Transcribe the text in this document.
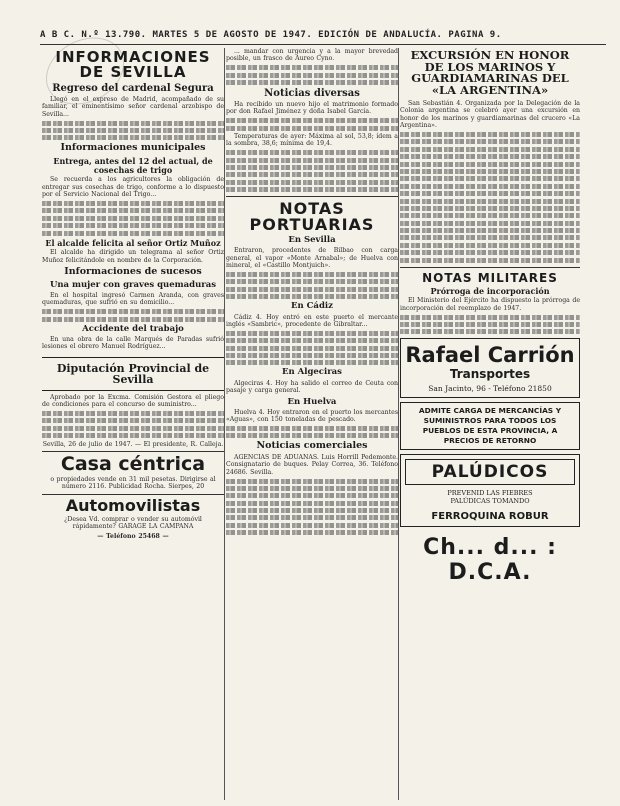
A B C. N.º 13.790. MARTES 5 DE AGOSTO DE 1947. EDICIÓN DE ANDALUCÍA. PAGINA 9.
INFORMACIONES DE SEVILLA
Regreso del cardenal Segura

Llegó en el expreso de Madrid, acompañado de su familiar, el eminentísimo señor cardenal arzobispo de Sevilla...

Informaciones municipales
Entrega, antes del 12 del actual, de cosechas de trigo

Se recuerda a los agricultores la obligación de entregar sus cosechas de trigo, conforme a lo dispuesto por el Servicio Nacional del Trigo...

El alcalde felicita al señor Ortiz Muñoz

El alcalde ha dirigido un telegrama al señor Ortiz Muñoz felicitándole en nombre de la Corporación.

Informaciones de sucesos
Una mujer con graves quemaduras

En el hospital ingresó Carmen Aranda, con graves quemaduras, que sufrió en su domicilio...

Accidente del trabajo

En una obra de la calle Marqués de Paradas sufrió lesiones el obrero Manuel Rodríguez...

Diputación Provincial de Sevilla

Aprobado por la Excma. Comisión Gestora el pliego de condiciones para el concurso de suministro...

Sevilla, 26 de julio de 1947. — El presidente, R. Calleja.

Casa céntrica

o propiedades vende en 31 mil pesetas. Dirigirse al número 2116. Publicidad Rocha. Sierpes, 20

Automovilistas

¿Desea Vd. comprar o vender su automóvil rápidamente? GARAGE LA CAMPANA

— Teléfono 25468 —

... mandar con urgencia y a la mayor brevedad posible, un frasco de Aureo Cyno.

Noticias diversas

Ha recibido un nuevo hijo el matrimonio formado por don Rafael Jiménez y doña Isabel García.

Temperaturas de ayer: Máxima al sol, 53,8; ídem a la sombra, 38,6; mínima de 19,4.

NOTAS PORTUARIAS
En Sevilla

Entraron, procedentes de Bilbao con carga general, el vapor «Monte Arnabal»; de Huelva con mineral, el «Castillo Montjuich».

En Cádiz

Cádiz 4. Hoy entró en este puerto el mercante inglés «Sambric», procedente de Gibraltar...

En Algeciras

Algeciras 4. Hoy ha salido el correo de Ceuta con pasaje y carga general.

En Huelva

Huelva 4. Hoy entraron en el puerto los mercantes «Aguas», con 150 toneladas de pescado.

Noticias comerciales

AGENCIAS DE ADUANAS. Luis Horrill Pedemonte. Consignatario de buques. Pelay Correa, 36. Teléfono 24686. Sevilla.

EXCURSIÓN EN HONOR DE LOS MARINOS Y GUARDIAMARINAS DEL «LA ARGENTINA»

San Sebastián 4. Organizada por la Delegación de la Colonia argentina se celebró ayer una excursión en honor de los marinos y guardiamarinas del crucero «La Argentina».

NOTAS MILITARES
Prórroga de incorporación

El Ministerio del Ejército ha dispuesto la prórroga de incorporación del reemplazo de 1947.

Rafael Carrión
Transportes
San Jacinto, 96 - Teléfono 21850
ADMITE CARGA DE MERCANCÍAS Y SUMINISTROS PARA TODOS LOS PUEBLOS DE ESTA PROVINCIA, A PRECIOS DE RETORNO
PALÚDICOS
PREVENID LAS FIEBRES
PALÚDICAS TOMANDO
FERROQUINA ROBUR
Ch... d... : D.C.A.
